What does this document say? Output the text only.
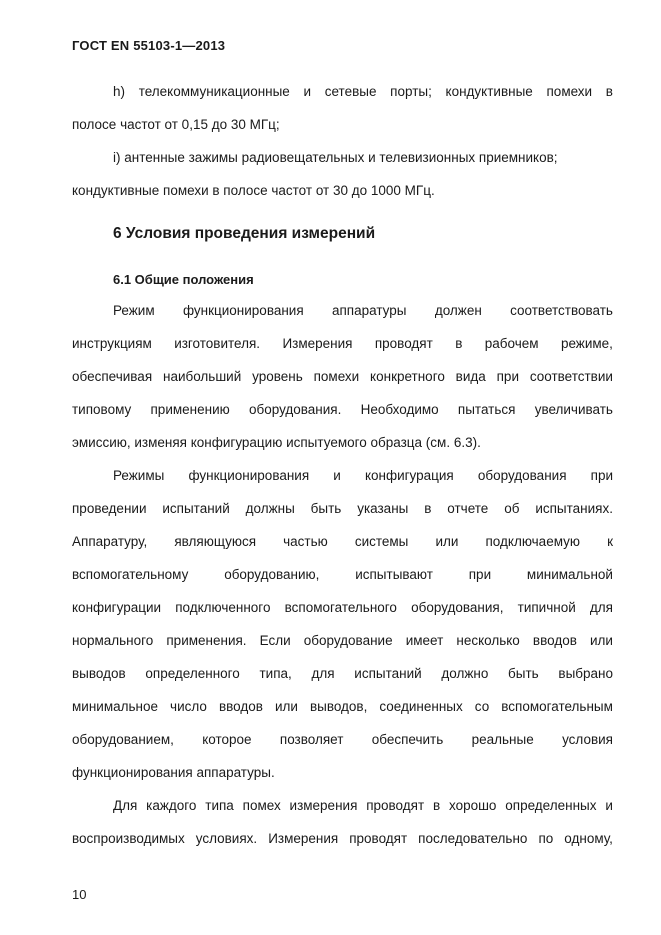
ГОСТ EN 55103-1—2013
h) телекоммуникационные и сетевые порты; кондуктивные помехи в
полосе частот от 0,15 до 30 МГц;
i) антенные зажимы радиовещательных и телевизионных приемников;
кондуктивные помехи в полосе частот от 30 до 1000 МГц.
6 Условия проведения измерений
6.1 Общие положения
Режим функционирования аппаратуры должен соответствовать
инструкциям изготовителя. Измерения проводят в рабочем режиме,
обеспечивая наибольший уровень помехи конкретного вида при соответствии
типовому применению оборудования. Необходимо пытаться увеличивать
эмиссию, изменяя конфигурацию испытуемого образца (см. 6.3).
Режимы функционирования и конфигурация оборудования при
проведении испытаний должны быть указаны в отчете об испытаниях.
Аппаратуру, являющуюся частью системы или подключаемую к
вспомогательному	оборудованию,	испытывают	при	минимальной
конфигурации подключенного вспомогательного оборудования, типичной для
нормального применения. Если оборудование имеет несколько вводов или
выводов определенного типа, для испытаний должно быть выбрано
минимальное число вводов или выводов, соединенных со вспомогательным
оборудованием, которое позволяет обеспечить реальные условия
функционирования аппаратуры.
Для каждого типа помех измерения проводят в хорошо определенных и
воспроизводимых условиях. Измерения проводят последовательно по одному,
10
